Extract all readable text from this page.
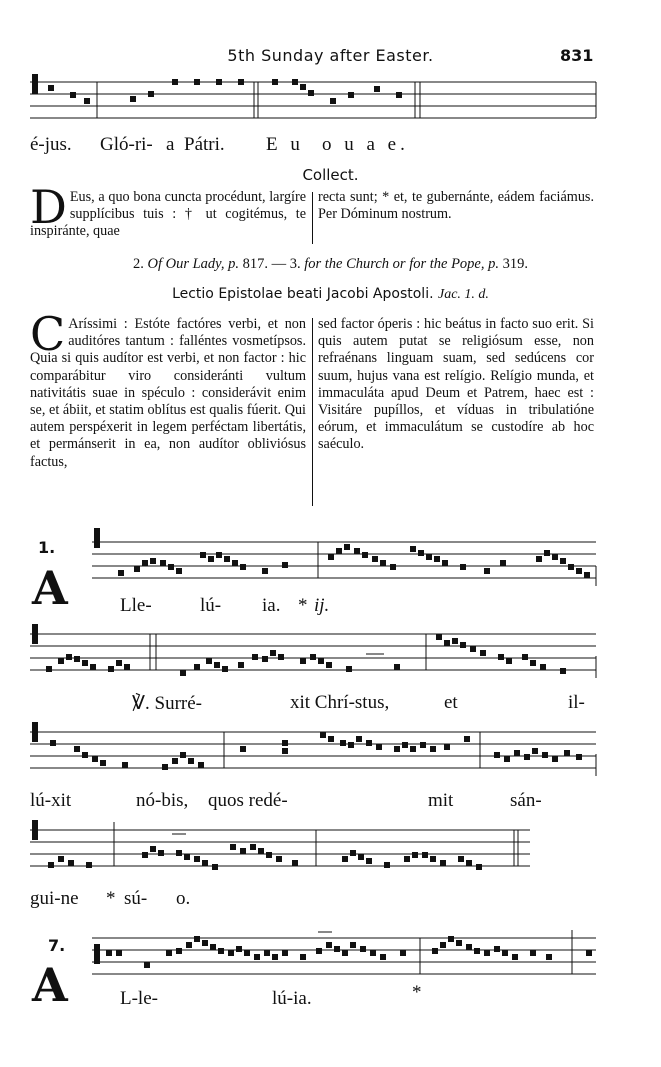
5th Sunday after Easter.	831
é-jus. Gló-ri- a Pátri. E u o u a e.
Collect.

D Eus, a quo bona cuncta procédunt, largíre supplícibus tuis : † ut cogitémus, te inspiránte, quae

recta sunt; * et, te gubernánte, eádem faciámus. Per Dóminum nostrum.

2. Of Our Lady, p. 817. — 3. for the Church or for the Pope, p. 319.
Lectio Epistolae beati Jacobi Apostoli. Jac. 1. d.

C Aríssimi : Estóte factóres verbi, et non auditóres tantum : falléntes vosmetípsos. Quia si quis audítor est verbi, et non factor : hic comparábitur viro consideránti vultum nativitátis suae in spéculo : considerávit enim se, et ábiit, et statim oblítus est qualis fúerit. Qui autem perspéxerit in legem perféctam libertátis, et permánserit in ea, non audítor obliviósus factus,

sed factor óperis : hic beátus in facto suo erit. Si quis autem putat se religiósum esse, non refraénans linguam suam, sed sedúcens cor suum, hujus vana est relígio. Relígio munda, et immaculáta apud Deum et Patrem, haec est : Visitáre pupíllos, et víduas in tribulatióne eórum, et immaculátum se custodíre ab hoc saéculo.

1.
A	Lle-	lú- ia. * ij.
℣. Surré-	xit Chrí-stus,	et	il-
lú-xit	nó-bis, quos redé-	mit	sán-
gui-ne * sú- o.
7.
A	L-le-	lú-ia.	*
